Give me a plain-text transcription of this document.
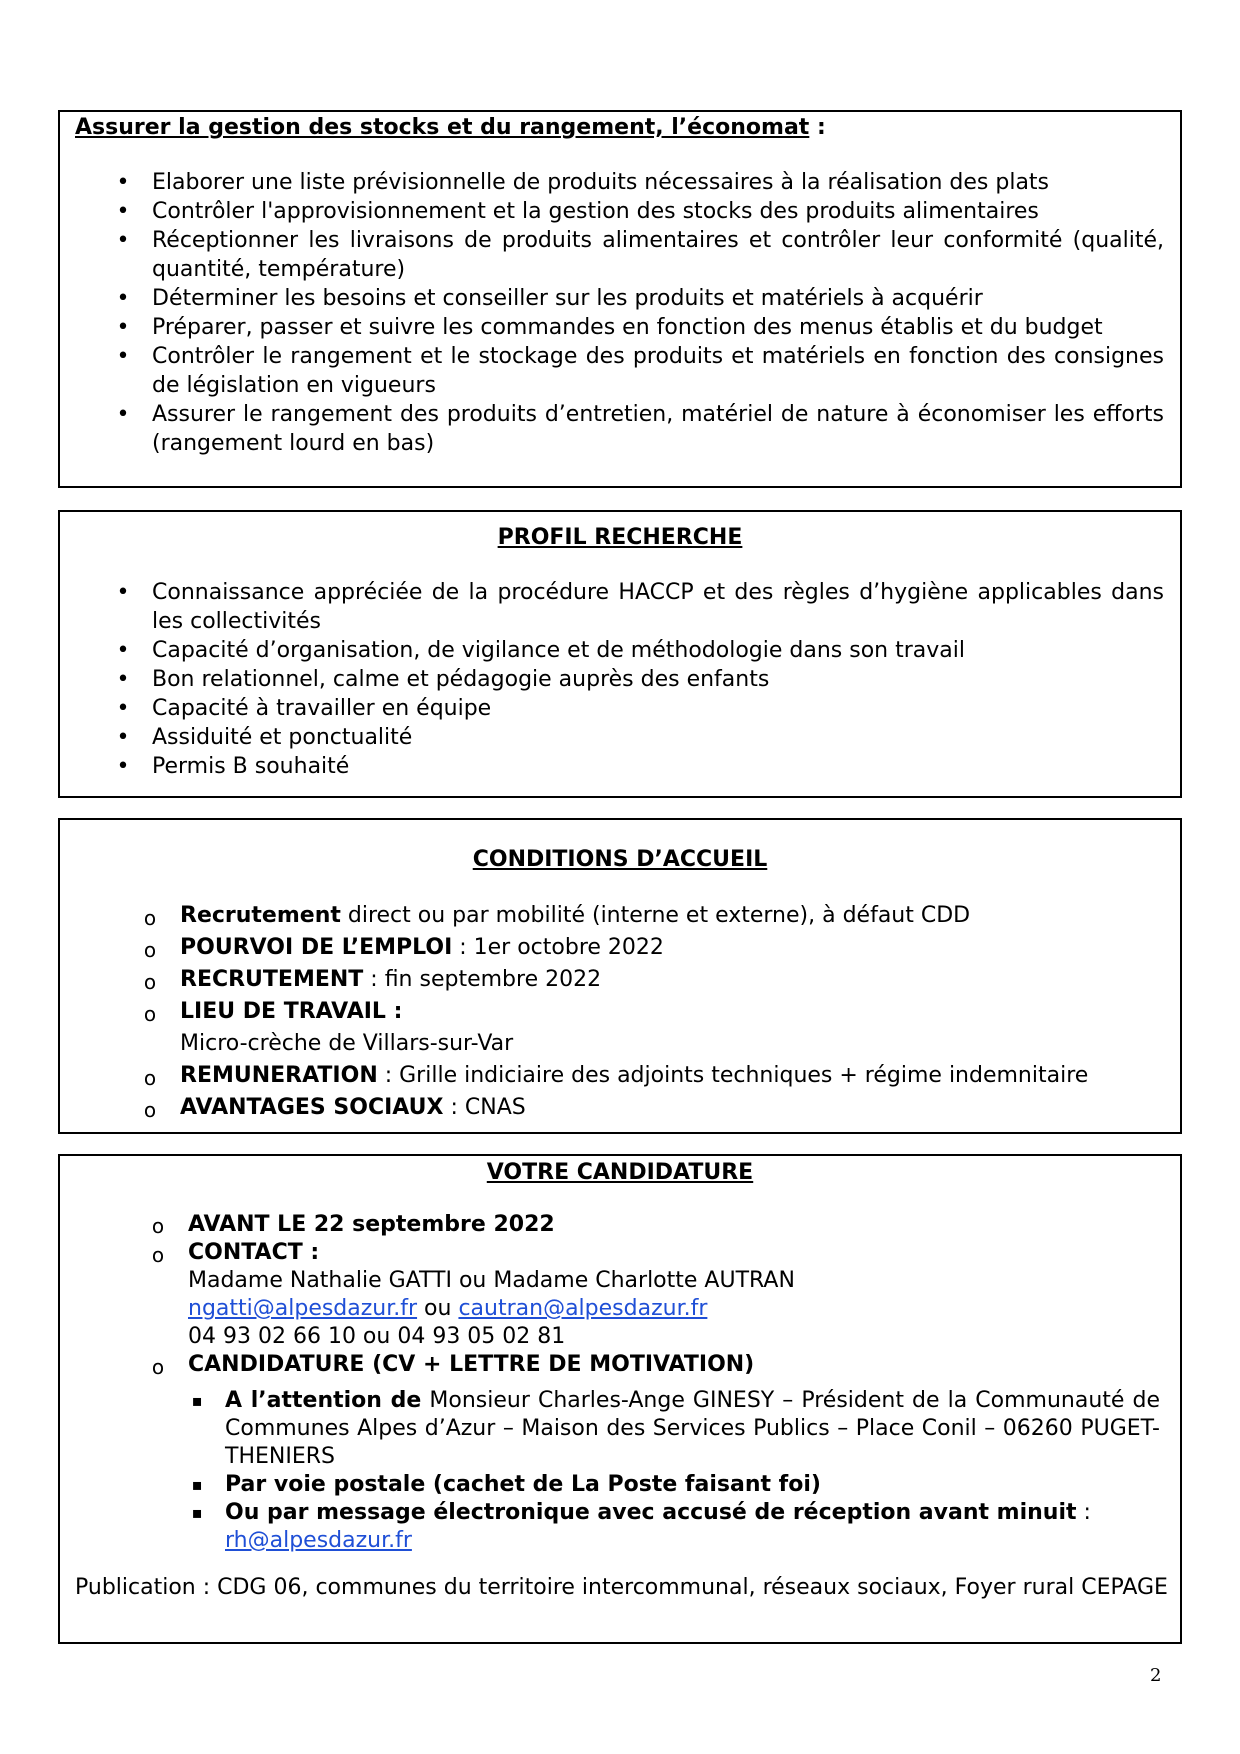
Assurer la gestion des stocks et du rangement, l’économat :
• Elaborer une liste prévisionnelle de produits nécessaires à la réalisation des plats
• Contrôler l'approvisionnement et la gestion des stocks des produits alimentaires
• Réceptionner les livraisons de produits alimentaires et contrôler leur conformité (qualité, quantité, température)
• Déterminer les besoins et conseiller sur les produits et matériels à acquérir
• Préparer, passer et suivre les commandes en fonction des menus établis et du budget
• Contrôler le rangement et le stockage des produits et matériels en fonction des consignes de législation en vigueurs
• Assurer le rangement des produits d’entretien, matériel de nature à économiser les efforts (rangement lourd en bas)
PROFIL RECHERCHE
• Connaissance appréciée de la procédure HACCP et des règles d’hygiène applicables dans les collectivités
• Capacité d’organisation, de vigilance et de méthodologie dans son travail
• Bon relationnel, calme et pédagogie auprès des enfants
• Capacité à travailler en équipe
• Assiduité et ponctualité
• Permis B souhaité
CONDITIONS D’ACCUEIL
o Recrutement direct ou par mobilité (interne et externe), à défaut CDD
o POURVOI DE L’EMPLOI : 1er octobre 2022
o RECRUTEMENT : fin septembre 2022
o LIEU DE TRAVAIL :
Micro-crèche de Villars-sur-Var
o REMUNERATION : Grille indiciaire des adjoints techniques + régime indemnitaire
o AVANTAGES SOCIAUX : CNAS
VOTRE CANDIDATURE
o AVANT LE 22 septembre 2022
o CONTACT :
Madame Nathalie GATTI ou Madame Charlotte AUTRAN
ngatti@alpesdazur.fr ou cautran@alpesdazur.fr
04 93 02 66 10 ou 04 93 05 02 81
o CANDIDATURE (CV + LETTRE DE MOTIVATION)
▪ A l’attention de Monsieur Charles-Ange GINESY – Président de la Communauté de Communes Alpes d’Azur – Maison des Services Publics – Place Conil – 06260 PUGET-THENIERS
▪ Par voie postale (cachet de La Poste faisant foi)
▪ Ou par message électronique avec accusé de réception avant minuit :
rh@alpesdazur.fr
Publication : CDG 06, communes du territoire intercommunal, réseaux sociaux, Foyer rural CEPAGE
2
